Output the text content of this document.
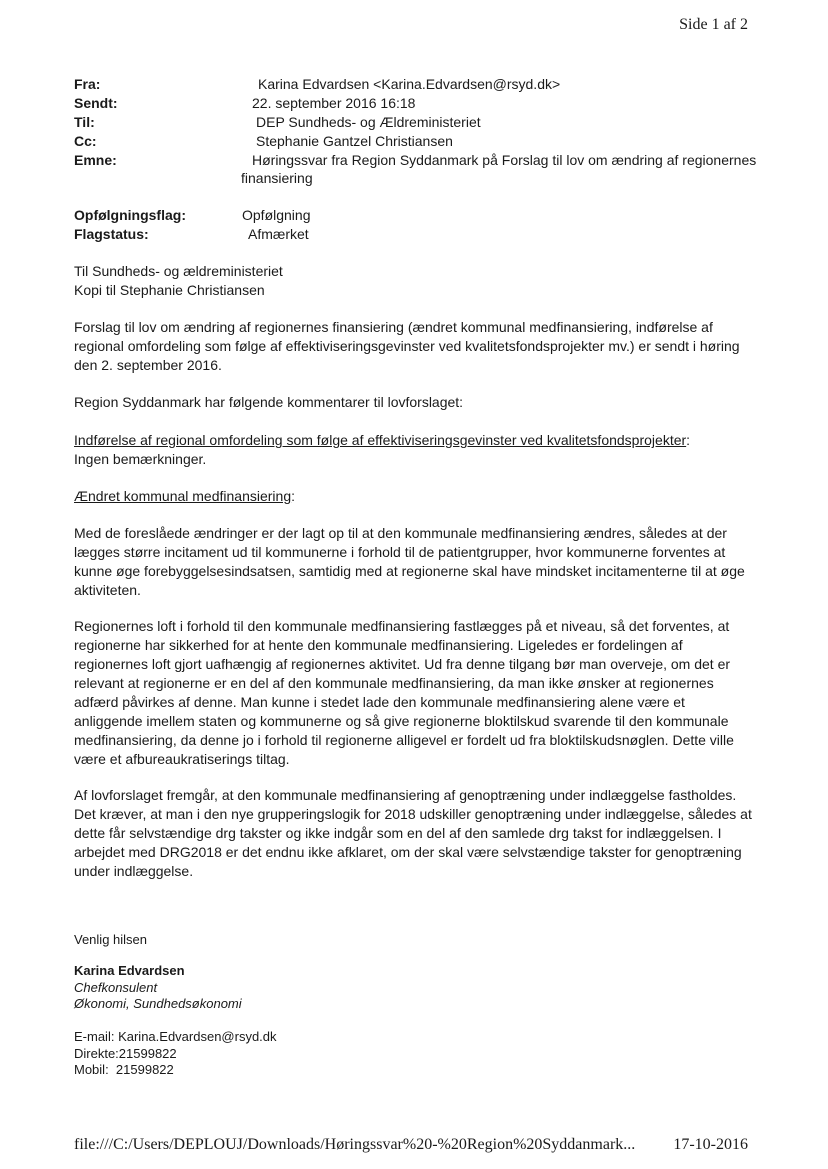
Side 1 af 2
Fra:	Karina Edvardsen <Karina.Edvardsen@rsyd.dk>
Sendt:	22. september 2016 16:18
Til:	DEP Sundheds- og Ældreministeriet
Cc:	Stephanie Gantzel Christiansen
Emne:	Høringssvar fra Region Syddanmark på Forslag til lov om ændring af regionernes
finansiering
Opfølgningsflag:	Opfølgning
Flagstatus:	Afmærket
Til Sundheds- og ældreministeriet
Kopi til Stephanie Christiansen
Forslag til lov om ændring af regionernes finansiering (ændret kommunal medfinansiering, indførelse af regional omfordeling som følge af effektiviseringsgevinster ved kvalitetsfondsprojekter mv.) er sendt i høring den 2. september 2016.
Region Syddanmark har følgende kommentarer til lovforslaget:
Indførelse af regional omfordeling som følge af effektiviseringsgevinster ved kvalitetsfondsprojekter:
Ingen bemærkninger.
Ændret kommunal medfinansiering:
Med de foreslåede ændringer er der lagt op til at den kommunale medfinansiering ændres, således at der lægges større incitament ud til kommunerne i forhold til de patientgrupper, hvor kommunerne forventes at kunne øge forebyggelsesindsatsen, samtidig med at regionerne skal have mindsket incitamenterne til at øge aktiviteten.
Regionernes loft i forhold til den kommunale medfinansiering fastlægges på et niveau, så det forventes, at regionerne har sikkerhed for at hente den kommunale medfinansiering. Ligeledes er fordelingen af regionernes loft gjort uafhængig af regionernes aktivitet. Ud fra denne tilgang bør man overveje, om det er relevant at regionerne er en del af den kommunale medfinansiering, da man ikke ønsker at regionernes adfærd påvirkes af denne. Man kunne i stedet lade den kommunale medfinansiering alene være et anliggende imellem staten og kommunerne og så give regionerne bloktilskud svarende til den kommunale medfinansiering, da denne jo i forhold til regionerne alligevel er fordelt ud fra bloktilskudsnøglen. Dette ville være et afbureaukratiserings tiltag.
Af lovforslaget fremgår, at den kommunale medfinansiering af genoptræning under indlæggelse fastholdes. Det kræver, at man i den nye grupperingslogik for 2018 udskiller genoptræning under indlæggelse, således at dette får selvstændige drg takster og ikke indgår som en del af den samlede drg takst for indlæggelsen. I arbejdet med DRG2018 er det endnu ikke afklaret, om der skal være selvstændige takster for genoptræning under indlæggelse.
Venlig hilsen
Karina Edvardsen
Chefkonsulent
Økonomi, Sundhedsøkonomi
E-mail: Karina.Edvardsen@rsyd.dk
Direkte:21599822
Mobil: 21599822
file:///C:/Users/DEPLOUJ/Downloads/Høringssvar%20-%20Region%20Syddanmark... 17-10-2016
